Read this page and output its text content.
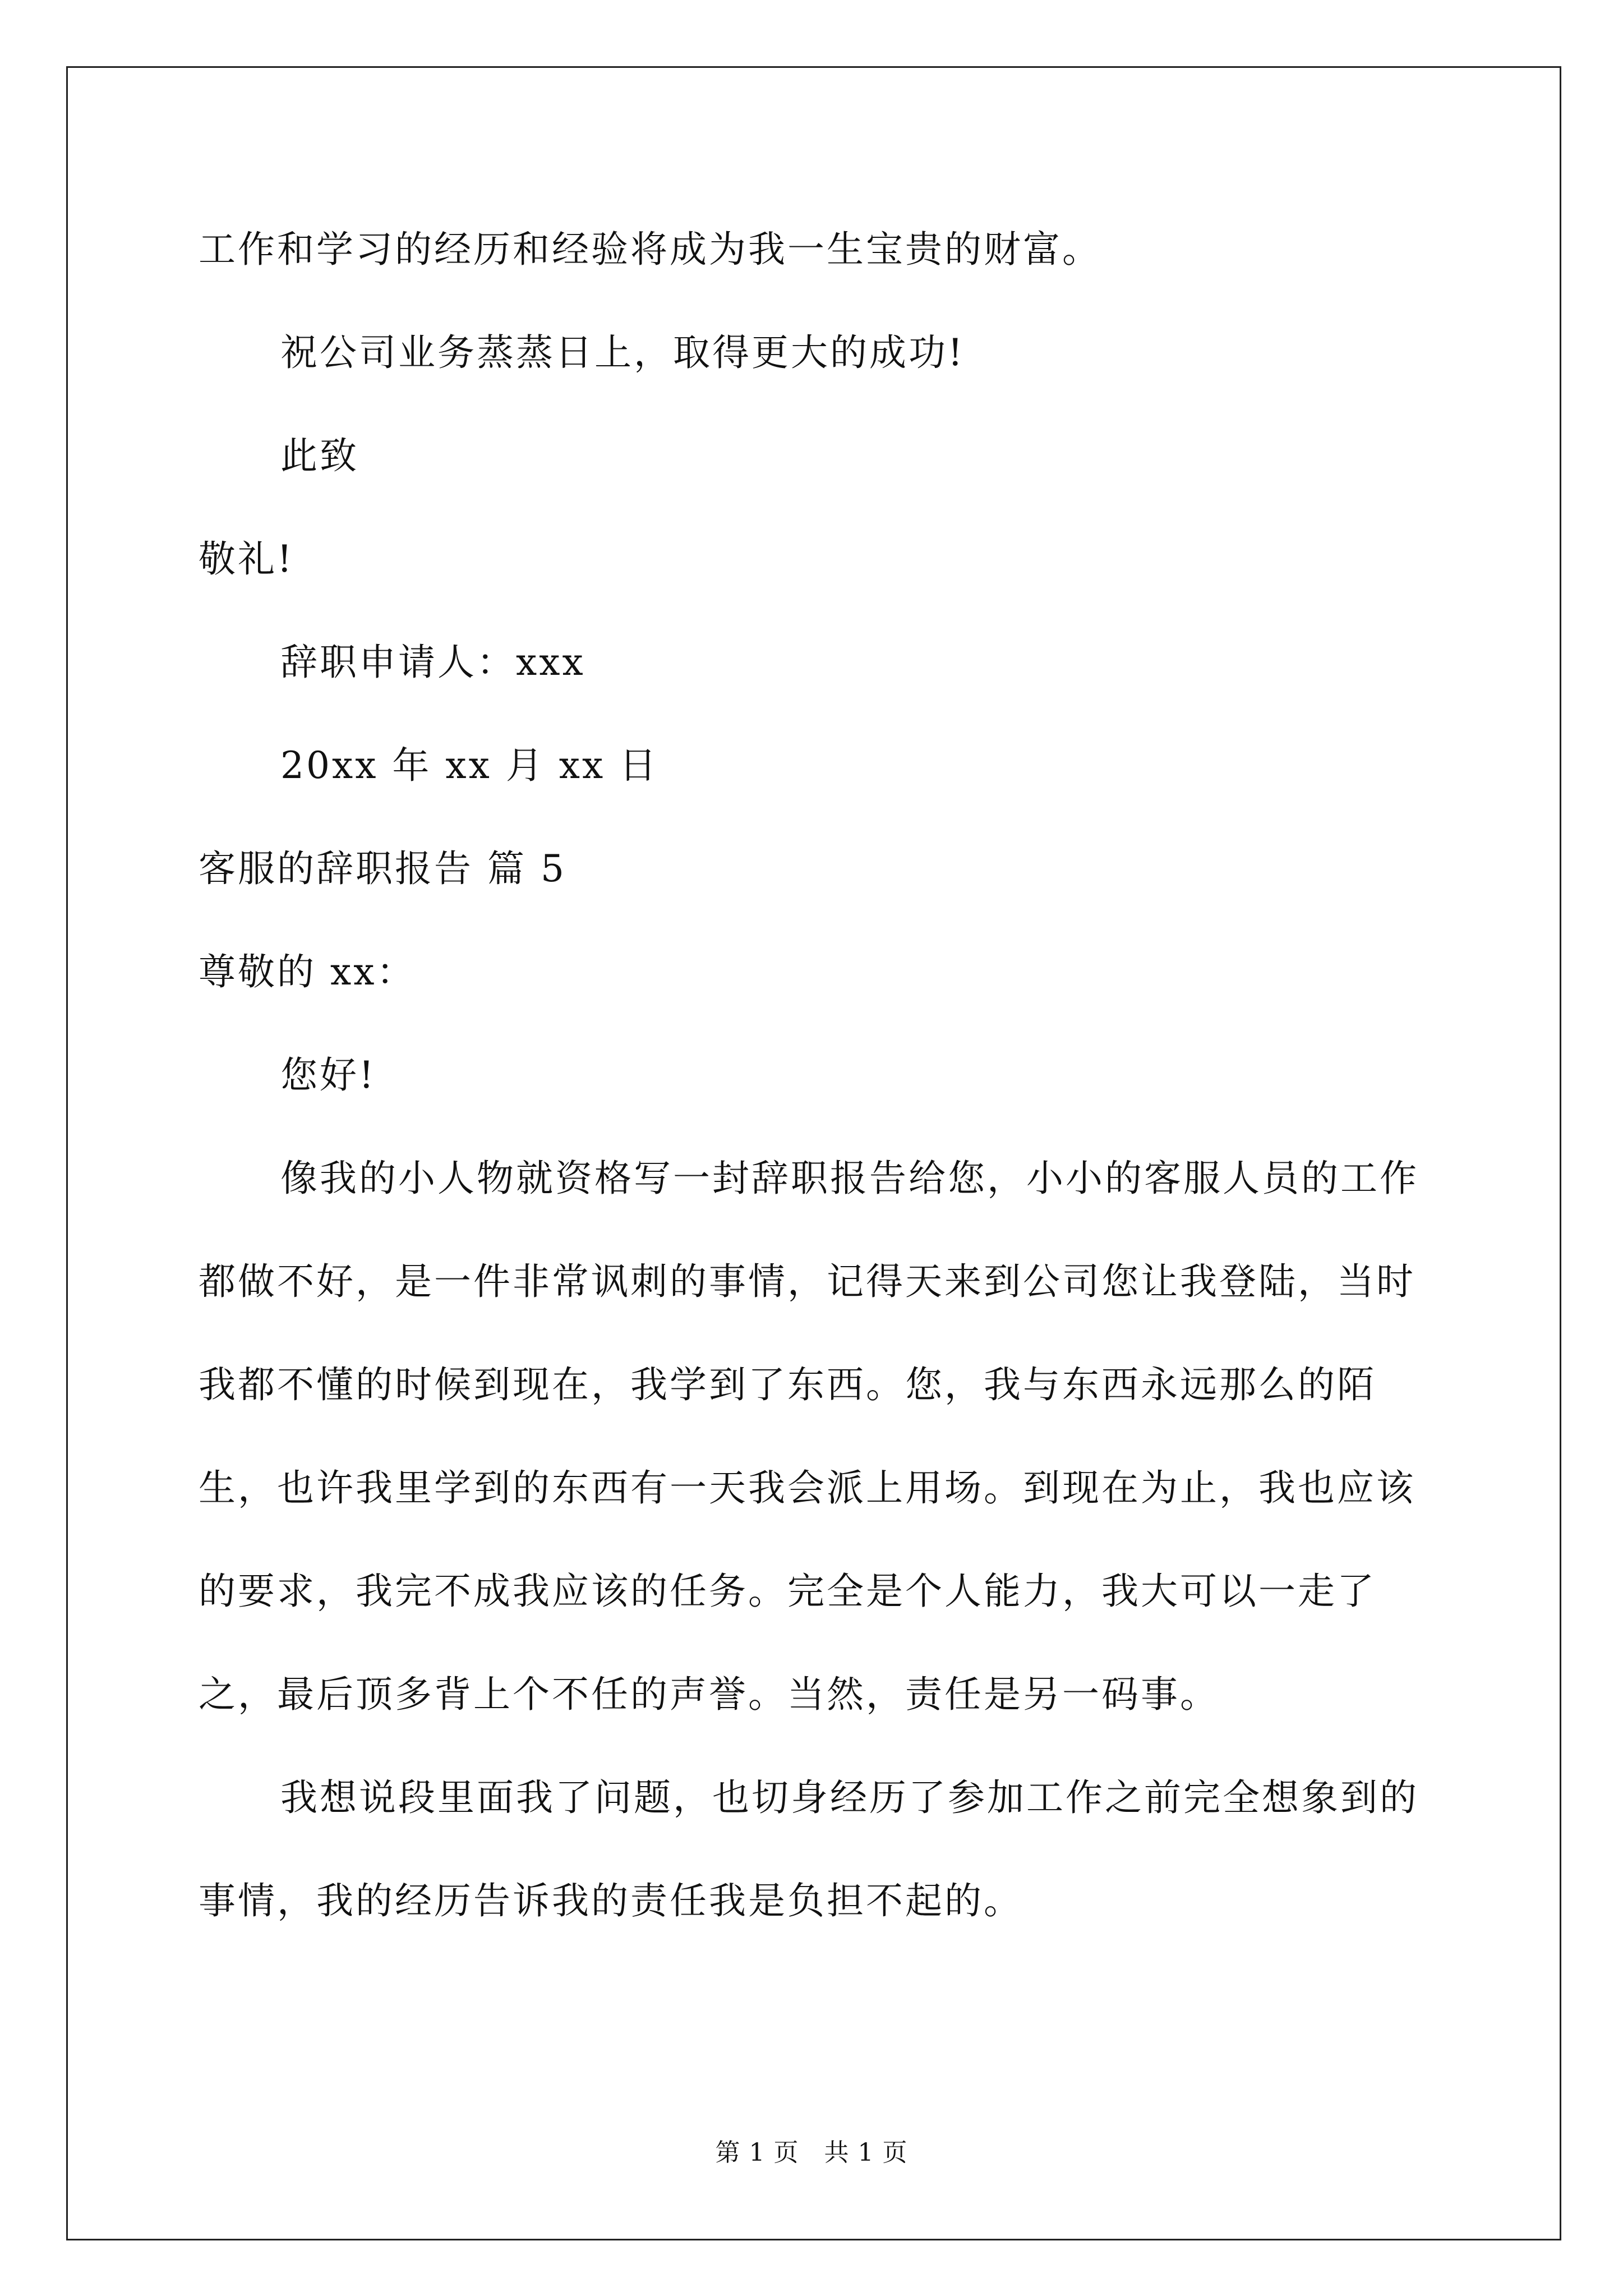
工作和学习的经历和经验将成为我一生宝贵的财富。

祝公司业务蒸蒸日上，取得更大的成功!

此致

敬礼!

辞职申请人：xxx

20xx 年 xx 月 xx 日

客服的辞职报告 篇 5

尊敬的 xx：

您好!

像我的小人物就资格写一封辞职报告给您，小小的客服人员的工作都做不好，是一件非常讽刺的事情，记得天来到公司您让我登陆，当时我都不懂的时候到现在，我学到了东西。您，我与东西永远那么的陌生，也许我里学到的东西有一天我会派上用场。到现在为止，我也应该的要求，我完不成我应该的任务。完全是个人能力，我大可以一走了之，最后顶多背上个不任的声誉。当然，责任是另一码事。

我想说段里面我了问题，也切身经历了参加工作之前完全想象到的事情，我的经历告诉我的责任我是负担不起的。

第 1 页　共 1 页
